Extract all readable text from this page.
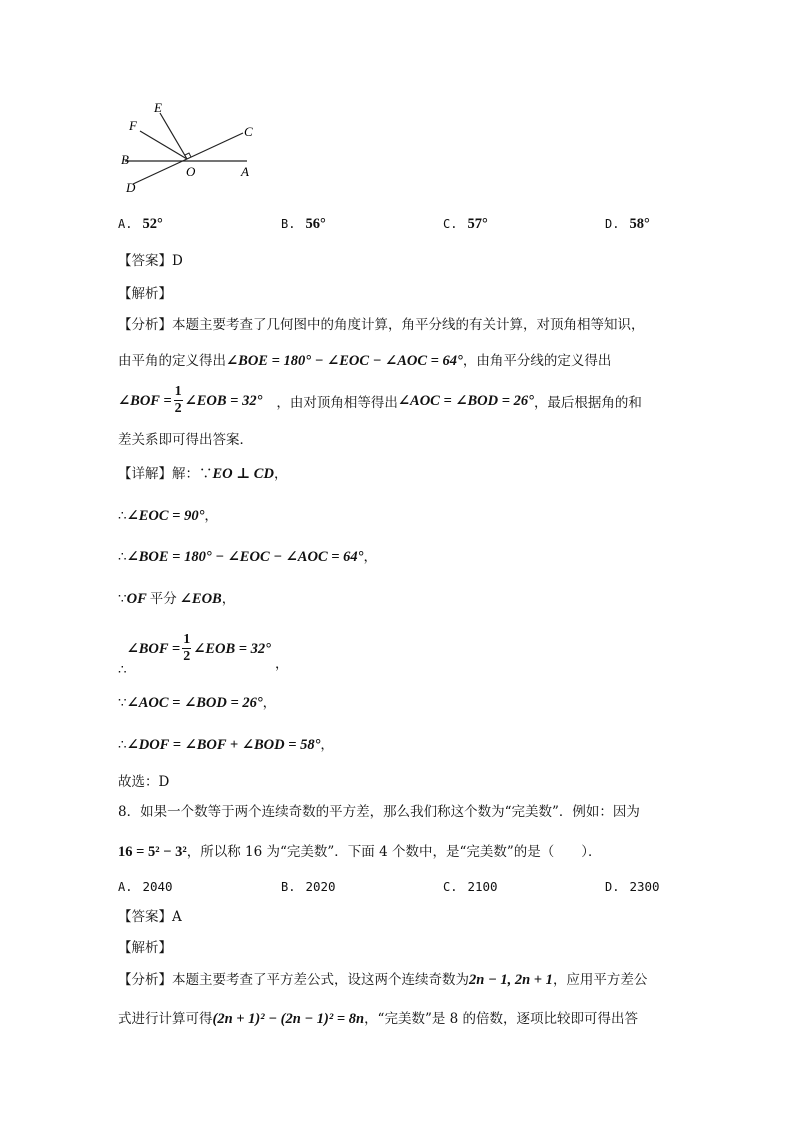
E
F	C
B
O	A
D
A. 52°	B. 56°	C. 57°	D. 58°
【答案】D
【解析】
【分析】本题主要考查了几何图中的角度计算，角平分线的有关计算，对顶角相等知识，
由平角的定义得出∠BOE = 180° − ∠EOC − ∠AOC = 64°，由角平分线的定义得出
∠BOF = $\frac{1}{2}$ ∠EOB = 32° ，由对顶角相等得出 ∠AOC = ∠BOD = 26° ，最后根据角的和
差关系即可得出答案．
【详解】解：∵EO ⊥ CD，
∴∠EOC = 90°，
∴∠BOE = 180° − ∠EOC − ∠AOC = 64°，
∵OF 平分 ∠EOB，
∴
∠BOF = $\frac{1}{2}$ ∠EOB = 32°
，
∵∠AOC = ∠BOD = 26°，
∴∠DOF = ∠BOF + ∠BOD = 58°，
故选：D
8．如果一个数等于两个连续奇数的平方差，那么我们称这个数为“完美数”．例如：因为
16 = 5² − 3²，所以称 16 为“完美数”．下面 4 个数中，是“完美数”的是（　　）．
A. 2040	B. 2020	C. 2100	D. 2300
【答案】A
【解析】
【分析】本题主要考查了平方差公式，设这两个连续奇数为2n − 1, 2n + 1，应用平方差公
式进行计算可得(2n + 1)² − (2n − 1)² = 8n，“完美数”是 8 的倍数，逐项比较即可得出答
